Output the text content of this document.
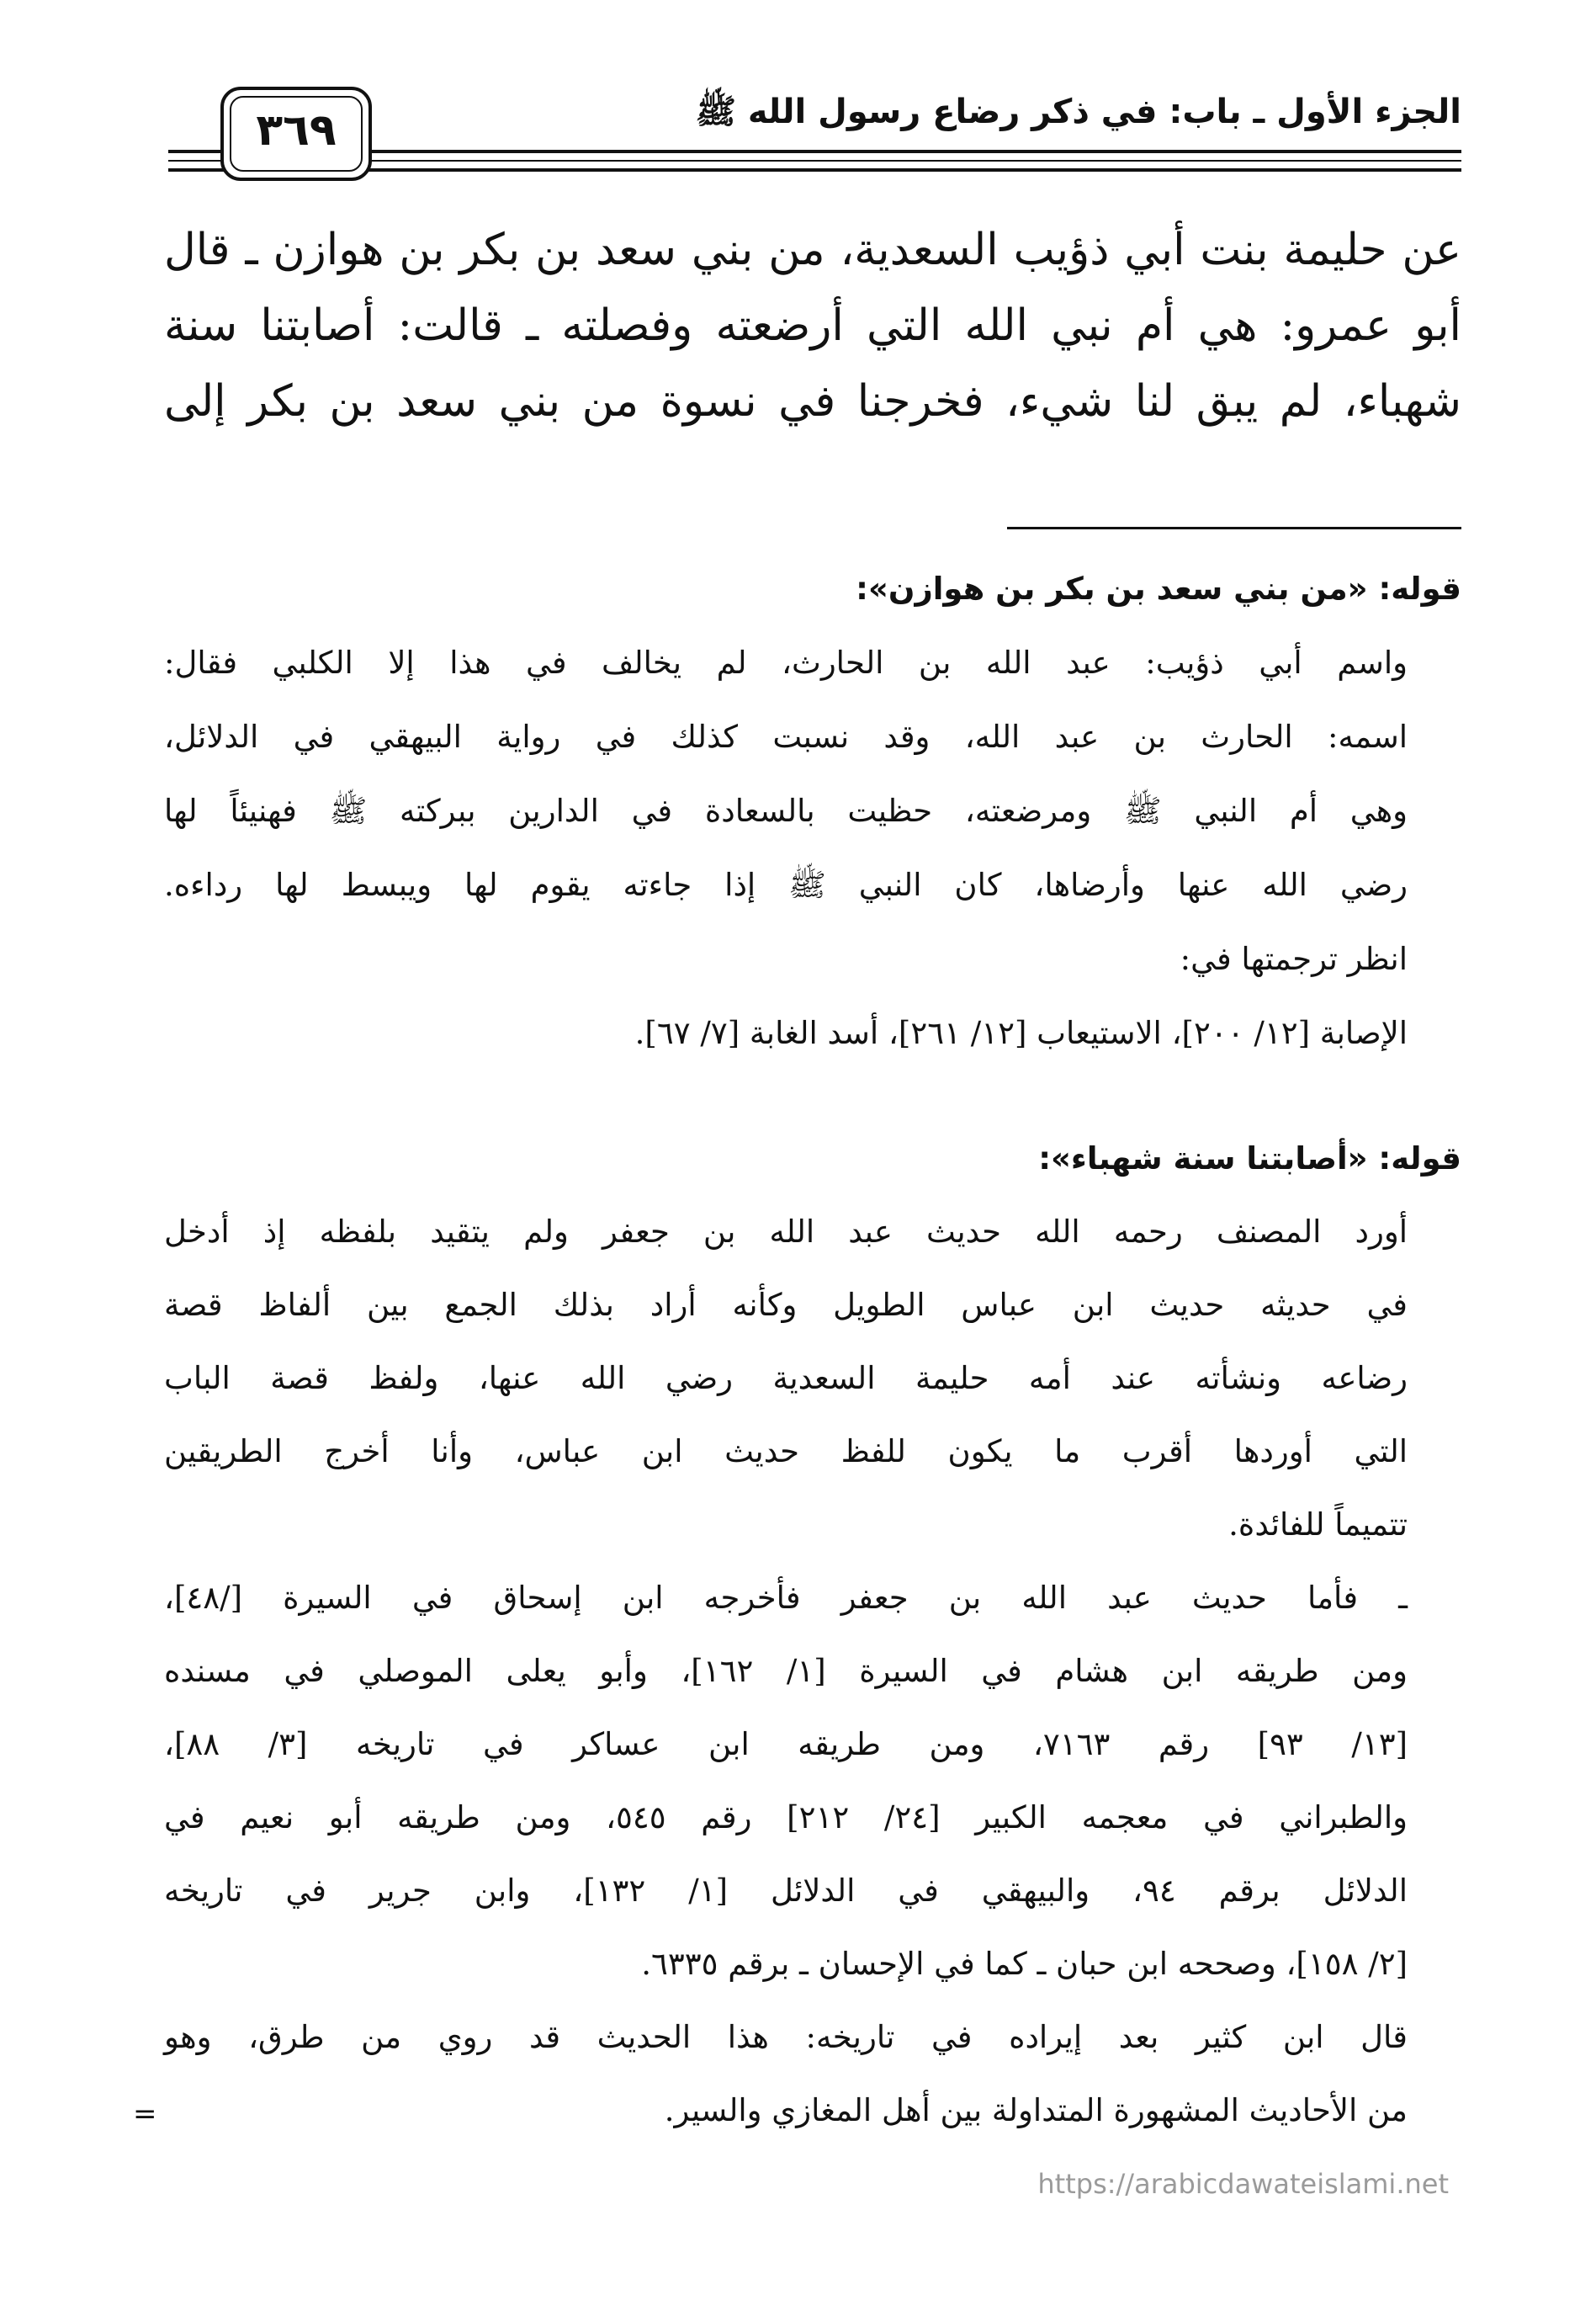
الجزء الأول ـ باب: في ذكر رضاع رسول الله ﷺ
٣٦٩
عن حليمة بنت أبي ذؤيب السعدية، من بني سعد بن بكر بن هوازن ـ قال
أبو عمرو: هي أم نبي الله التي أرضعته وفصلته ـ قالت: أصابتنا سنة
شهباء، لم يبق لنا شيء، فخرجنا في نسوة من بني سعد بن بكر إلى
قوله: «من بني سعد بن بكر بن هوازن»:
واسم أبي ذؤيب: عبد الله بن الحارث، لم يخالف في هذا إلا الكلبي فقال:
اسمه: الحارث بن عبد الله، وقد نسبت كذلك في رواية البيهقي في الدلائل،
وهي أم النبي ﷺ ومرضعته، حظيت بالسعادة في الدارين ببركته ﷺ فهنيئاً لها
رضي الله عنها وأرضاها، كان النبي ﷺ إذا جاءته يقوم لها ويبسط لها رداءه.
انظر ترجمتها في:
الإصابة [١٢/ ٢٠٠]، الاستيعاب [١٢/ ٢٦١]، أسد الغابة [٧/ ٦٧].
قوله: «أصابتنا سنة شهباء»:
أورد المصنف رحمه الله حديث عبد الله بن جعفر ولم يتقيد بلفظه إذ أدخل
في حديثه حديث ابن عباس الطويل وكأنه أراد بذلك الجمع بين ألفاظ قصة
رضاعه ونشأته عند أمه حليمة السعدية رضي الله عنها، ولفظ قصة الباب
التي أوردها أقرب ما يكون للفظ حديث ابن عباس، وأنا أخرج الطريقين
تتميماً للفائدة.
ـ فأما حديث عبد الله بن جعفر فأخرجه ابن إسحاق في السيرة [/٤٨]،
ومن طريقه ابن هشام في السيرة [١/ ١٦٢]، وأبو يعلى الموصلي في مسنده
[١٣/ ٩٣] رقم ٧١٦٣، ومن طريقه ابن عساكر في تاريخه [٣/ ٨٨]،
والطبراني في معجمه الكبير [٢٤/ ٢١٢] رقم ٥٤٥، ومن طريقه أبو نعيم في
الدلائل برقم ٩٤، والبيهقي في الدلائل [١/ ١٣٢]، وابن جرير في تاريخه
[٢/ ١٥٨]، وصححه ابن حبان ـ كما في الإحسان ـ برقم ٦٣٣٥.
قال ابن كثير بعد إيراده في تاريخه: هذا الحديث قد روي من طرق، وهو
من الأحاديث المشهورة المتداولة بين أهل المغازي والسير.
=
https://arabicdawateislami.net
